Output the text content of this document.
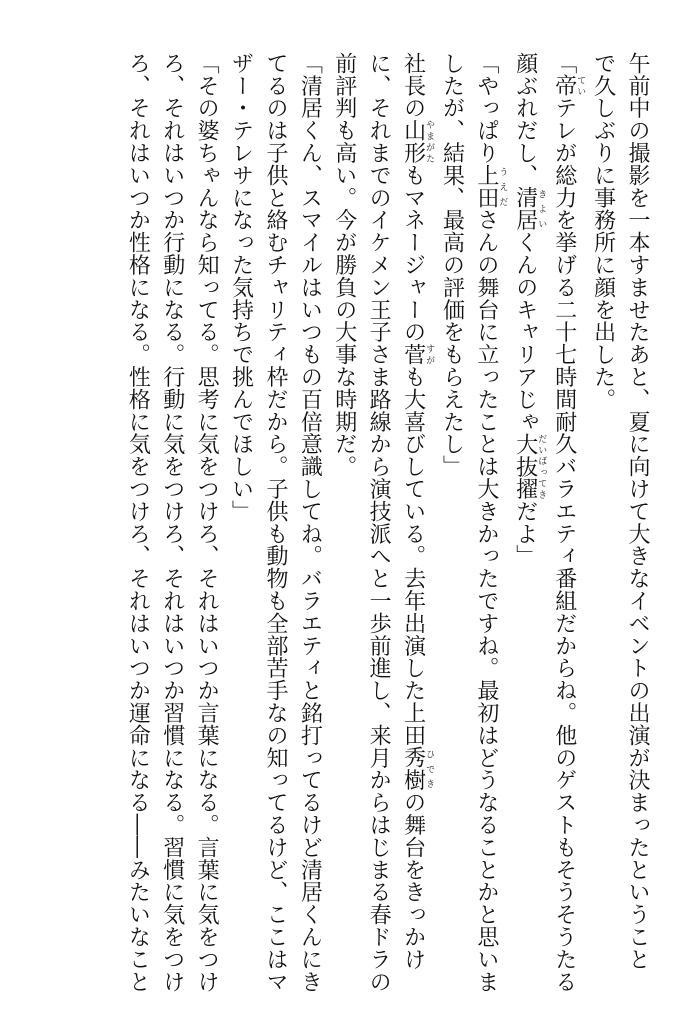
午前中の撮影を一本すませたあと、夏に向けて大きなイベントの出演が決まったということ
で久しぶりに事務所に顔を出した。
「帝ていテレが総力を挙げる二十七時間耐久バラエティ番組だからね。他のゲストもそうそうたる
顔ぶれだし、清居きよいくんのキャリアじゃ大抜擢だいばってきだよ」
「やっぱり上田うえださんの舞台に立ったことは大きかったですね。最初はどうなることかと思いま
したが、結果、最高の評価をもらえたし」
社長の山形やまがたもマネージャーの菅すがも大喜びしている。去年出演した上田秀樹ひできの舞台をきっかけ
に、それまでのイケメン王子さま路線から演技派へと一歩前進し、来月からはじまる春ドラの
前評判も高い。今が勝負の大事な時期だ。
「清居くん、スマイルはいつもの百倍意識してね。バラエティと銘打ってるけど清居くんにき
てるのは子供と絡むチャリティ枠だから。子供も動物も全部苦手なの知ってるけど、ここはマ
ザー・テレサになった気持ちで挑んでほしい」
「その婆ちゃんなら知ってる。思考に気をつけろ、それはいつか言葉になる。言葉に気をつけ
ろ、それはいつか行動になる。行動に気をつけろ、それはいつか習慣になる。習慣に気をつけ
ろ、それはいつか性格になる。性格に気をつけろ、それはいつか運命になる――みたいなこと
